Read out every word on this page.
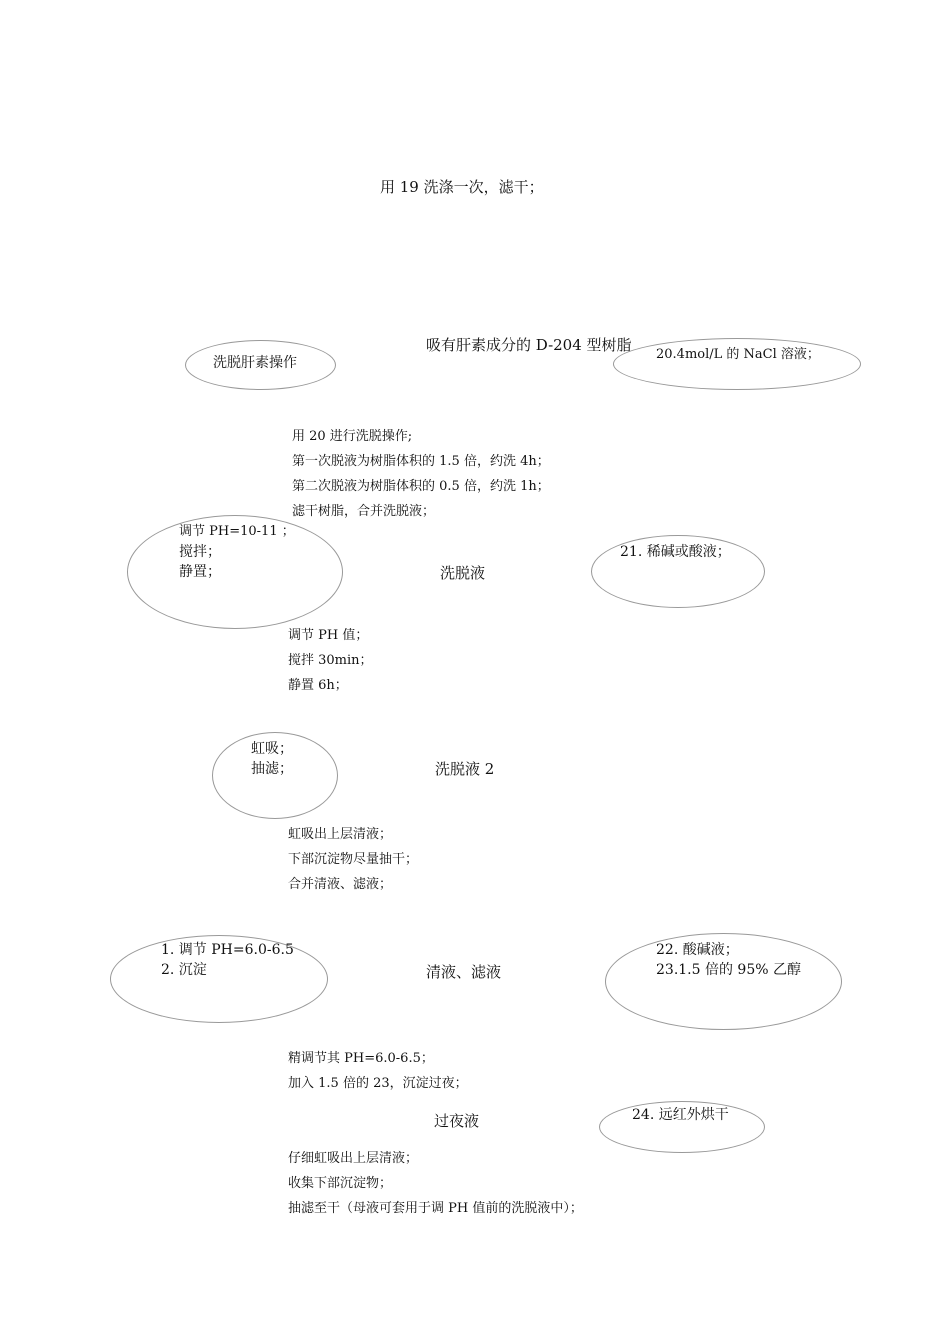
用 19 洗涤一次，滤干；
洗脱肝素操作
吸有肝素成分的 D-204 型树脂
20.4mol/L 的 NaCl 溶液；
用 20 进行洗脱操作;
第一次脱液为树脂体积的 1.5 倍，约洗 4h；
第二次脱液为树脂体积的 0.5 倍，约洗 1h；
滤干树脂，合并洗脱液；
调节 PH=10-11 ；
搅拌；
静置；	洗脱液
21. 稀碱或酸液；
调节 PH 值；
搅拌 30min；
静置 6h；
虹吸；
抽滤；	洗脱液 2
虹吸出上层清液；
下部沉淀物尽量抽干；
合并清液、滤液；
1. 调节 PH=6.0-6.5
2. 沉淀	清液、滤液
22. 酸碱液；
23.1.5 倍的 95% 乙醇
精调节其 PH=6.0-6.5；
加入 1.5 倍的 23，沉淀过夜；
过夜液	24. 远红外烘干
仔细虹吸出上层清液；
收集下部沉淀物；
抽滤至干（母液可套用于调 PH 值前的洗脱液中）；
